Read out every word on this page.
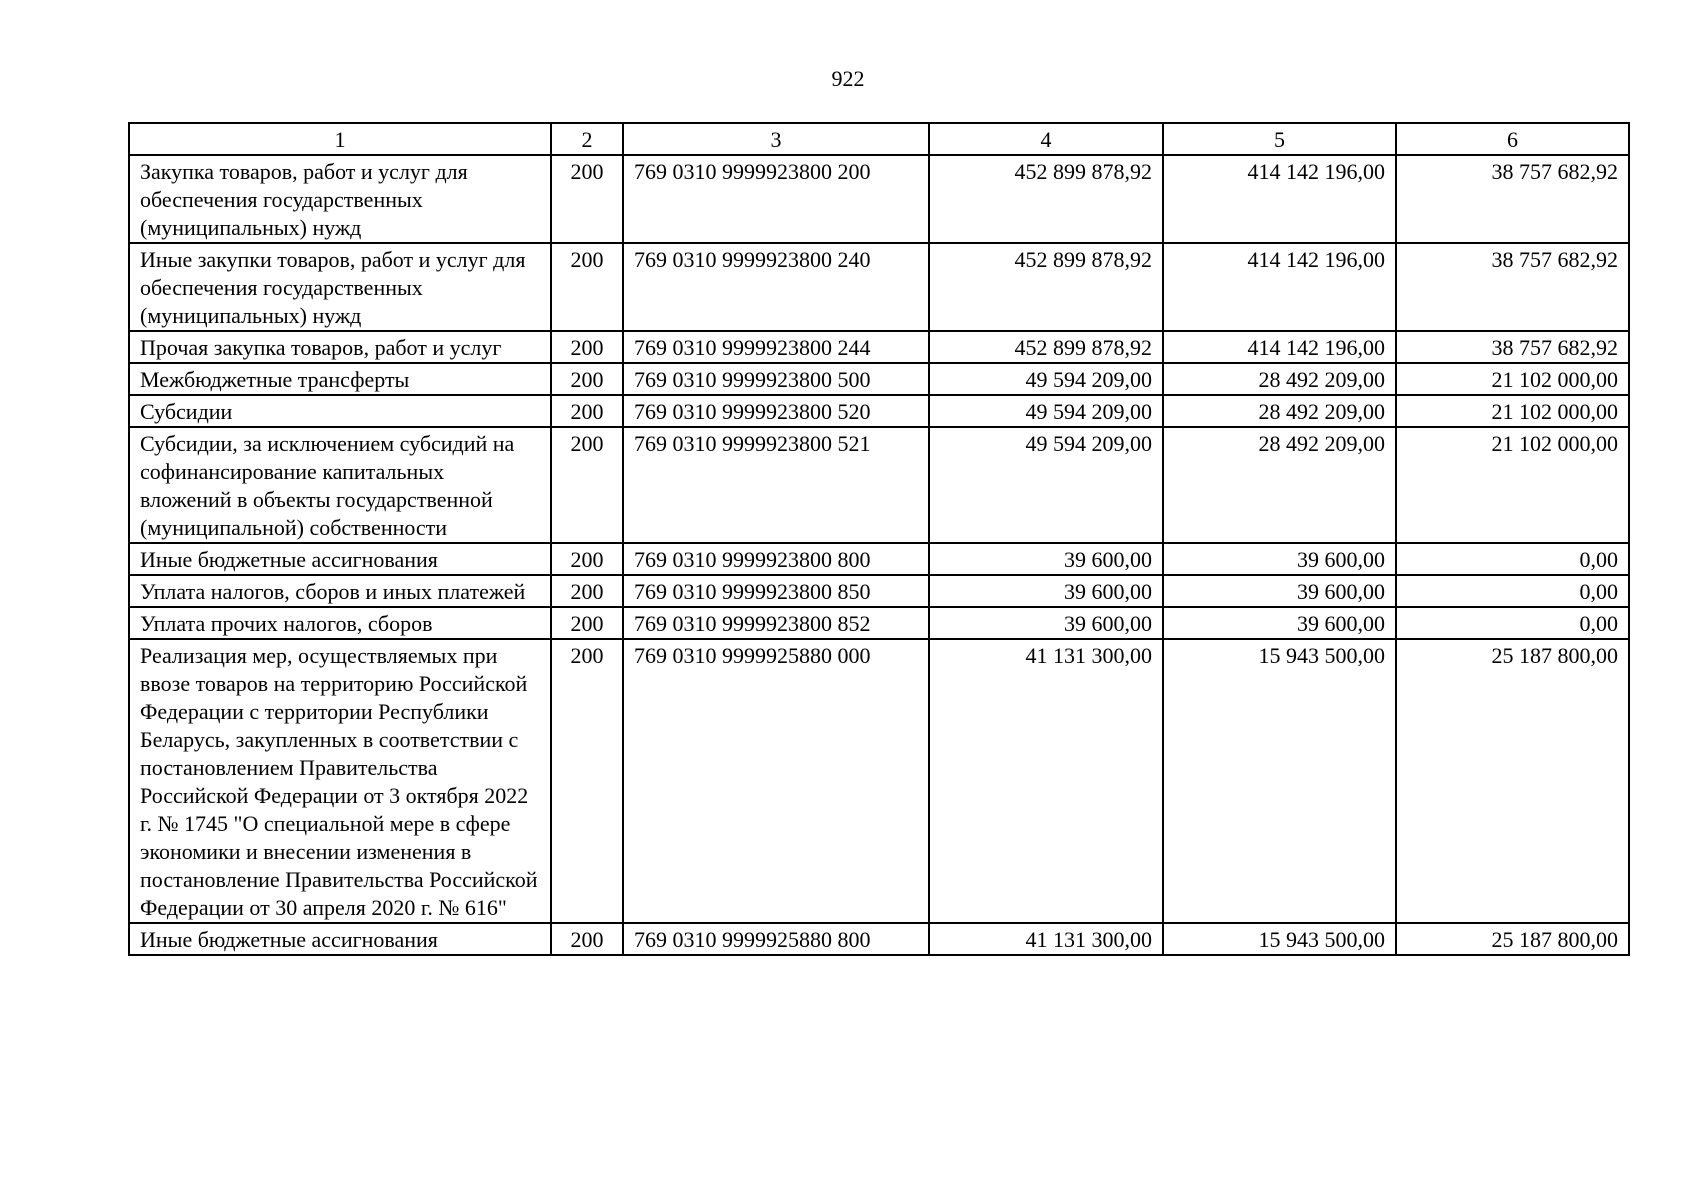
922
1	2	3	4	5	6
Закупка товаров, работ и услуг для обеспечения государственных (муниципальных) нужд	200	769 0310 9999923800 200	452 899 878,92	414 142 196,00	38 757 682,92
Иные закупки товаров, работ и услуг для обеспечения государственных (муниципальных) нужд	200	769 0310 9999923800 240	452 899 878,92	414 142 196,00	38 757 682,92
Прочая закупка товаров, работ и услуг	200	769 0310 9999923800 244	452 899 878,92	414 142 196,00	38 757 682,92
Межбюджетные трансферты	200	769 0310 9999923800 500	49 594 209,00	28 492 209,00	21 102 000,00
Субсидии	200	769 0310 9999923800 520	49 594 209,00	28 492 209,00	21 102 000,00
Субсидии, за исключением субсидий на софинансирование капитальных вложений в объекты государственной (муниципальной) собственности	200	769 0310 9999923800 521	49 594 209,00	28 492 209,00	21 102 000,00
Иные бюджетные ассигнования	200	769 0310 9999923800 800	39 600,00	39 600,00	0,00
Уплата налогов, сборов и иных платежей	200	769 0310 9999923800 850	39 600,00	39 600,00	0,00
Уплата прочих налогов, сборов	200	769 0310 9999923800 852	39 600,00	39 600,00	0,00
Реализация мер, осуществляемых при ввозе товаров на территорию Российской Федерации с территории Республики Беларусь, закупленных в соответствии с постановлением Правительства Российской Федерации от 3 октября 2022 г. № 1745 "О специальной мере в сфере экономики и внесении изменения в постановление Правительства Российской Федерации от 30 апреля 2020 г. № 616"	200	769 0310 9999925880 000	41 131 300,00	15 943 500,00	25 187 800,00
Иные бюджетные ассигнования	200	769 0310 9999925880 800	41 131 300,00	15 943 500,00	25 187 800,00
